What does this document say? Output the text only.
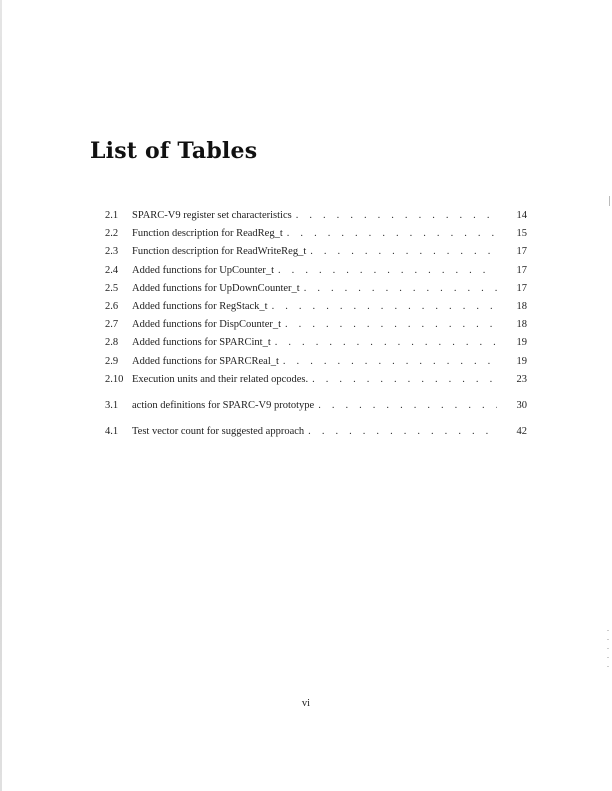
List of Tables
2.1	SPARC-V9 register set characteristics . . .	14
2.2	Function description for ReadReg_t . . .	15
2.3	Function description for ReadWriteReg_t . . .	17
2.4	Added functions for UpCounter_t . . .	17
2.5	Added functions for UpDownCounter_t . . .	17
2.6	Added functions for RegStack_t . . .	18
2.7	Added functions for DispCounter_t . . .	18
2.8	Added functions for SPARCint_t . . .	19
2.9	Added functions for SPARCReal_t . . .	19
2.10 Execution units and their related opcodes. . . .	23
3.1	action definitions for SPARC-V9 prototype . . .	30
4.1	Test vector count for suggested approach . . .	42
vi
